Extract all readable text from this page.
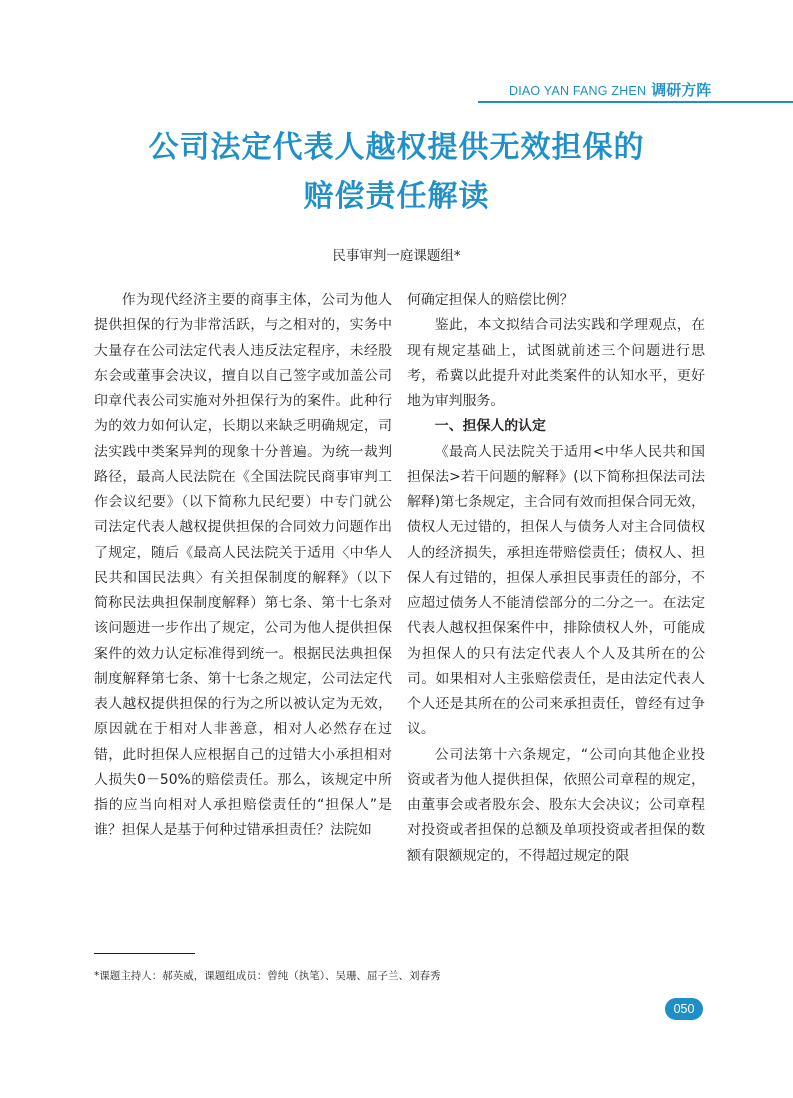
DIAO YAN FANG ZHEN 调研方阵
公司法定代表人越权提供无效担保的
赔偿责任解读
民事审判一庭课题组*

作为现代经济主要的商事主体，公司为他人提供担保的行为非常活跃，与之相对的，实务中大量存在公司法定代表人违反法定程序，未经股东会或董事会决议，擅自以自己签字或加盖公司印章代表公司实施对外担保行为的案件。此种行为的效力如何认定，长期以来缺乏明确规定，司法实践中类案异判的现象十分普遍。为统一裁判路径，最高人民法院在《全国法院民商事审判工作会议纪要》（以下简称九民纪要）中专门就公司法定代表人越权提供担保的合同效力问题作出了规定，随后《最高人民法院关于适用〈中华人民共和国民法典〉有关担保制度的解释》（以下简称民法典担保制度解释）第七条、第十七条对该问题进一步作出了规定，公司为他人提供担保案件的效力认定标准得到统一。根据民法典担保制度解释第七条、第十七条之规定，公司法定代表人越权提供担保的行为之所以被认定为无效，原因就在于相对人非善意，相对人必然存在过错，此时担保人应根据自己的过错大小承担相对人损失0－50%的赔偿责任。那么，该规定中所指的应当向相对人承担赔偿责任的“担保人”是谁？担保人是基于何种过错承担责任？法院如

何确定担保人的赔偿比例？

鉴此，本文拟结合司法实践和学理观点，在现有规定基础上，试图就前述三个问题进行思考，希冀以此提升对此类案件的认知水平，更好地为审判服务。

一、担保人的认定

《最高人民法院关于适用<中华人民共和国担保法>若干问题的解释》(以下简称担保法司法解释)第七条规定，主合同有效而担保合同无效，债权人无过错的，担保人与债务人对主合同债权人的经济损失，承担连带赔偿责任；债权人、担保人有过错的，担保人承担民事责任的部分，不应超过债务人不能清偿部分的二分之一。在法定代表人越权担保案件中，排除债权人外，可能成为担保人的只有法定代表人个人及其所在的公司。如果相对人主张赔偿责任，是由法定代表人个人还是其所在的公司来承担责任，曾经有过争议。

公司法第十六条规定，“公司向其他企业投资或者为他人提供担保，依照公司章程的规定，由董事会或者股东会、股东大会决议；公司章程对投资或者担保的总额及单项投资或者担保的数额有限额规定的，不得超过规定的限

*课题主持人：郝英威，课题组成员：曾纯（执笔）、吴珊、屈子兰、刘春秀
050
